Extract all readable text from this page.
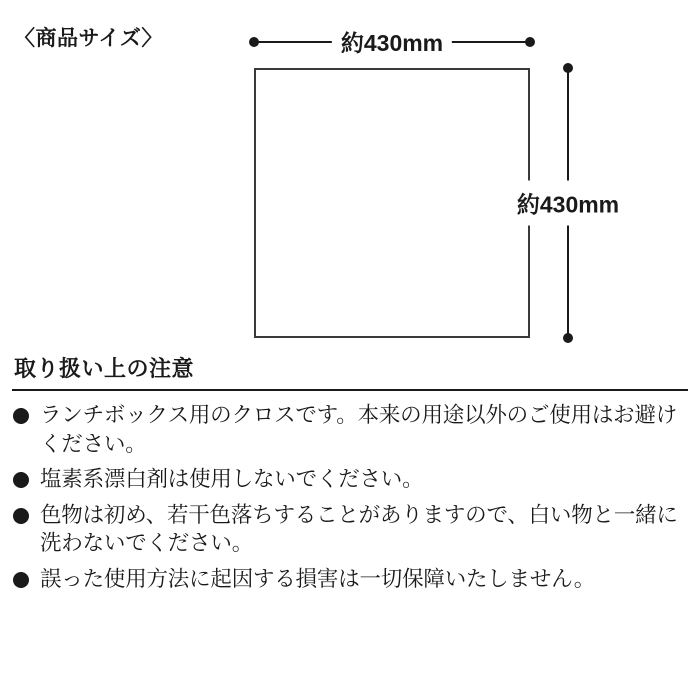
〈商品サイズ〉	約430mm
約430mm
取り扱い上の注意
ランチボックス用のクロスです。本来の用途以外のご使用はお避けください。
塩素系漂白剤は使用しないでください。
色物は初め、若干色落ちすることがありますので、白い物と一緒に洗わないでください。
誤った使用方法に起因する損害は一切保障いたしません。
